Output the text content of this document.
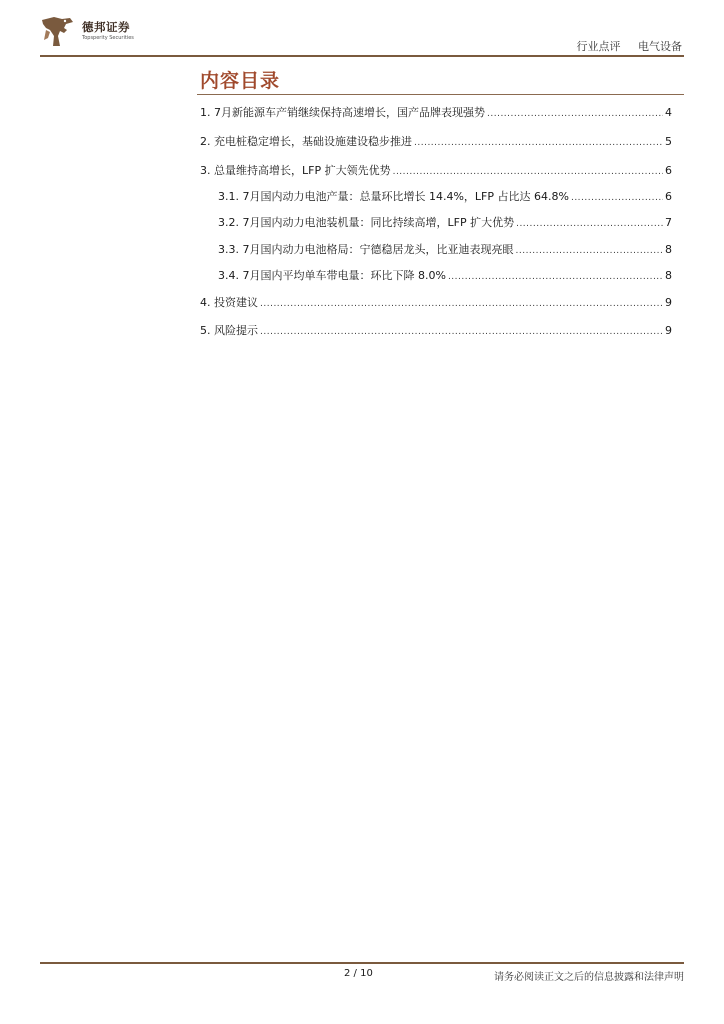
德邦证券
Topsperity Securities
行业点评 电气设备
内容目录
1. 7月新能源车产销继续保持高速增长，国产品牌表现强势 .....	4
2. 充电桩稳定增长，基础设施建设稳步推进 .....	5
3. 总量维持高增长，LFP 扩大领先优势 .....	6
3.1. 7月国内动力电池产量：总量环比增长 14.4%，LFP 占比达 64.8% .....	6
3.2. 7月国内动力电池装机量：同比持续高增，LFP 扩大优势 .....	7
3.3. 7月国内动力电池格局：宁德稳居龙头，比亚迪表现亮眼 .....	8
3.4. 7月国内平均单车带电量：环比下降 8.0% .....	8
4. 投资建议 .....	9
5. 风险提示 .....	9
2 / 10	请务必阅读正文之后的信息披露和法律声明
